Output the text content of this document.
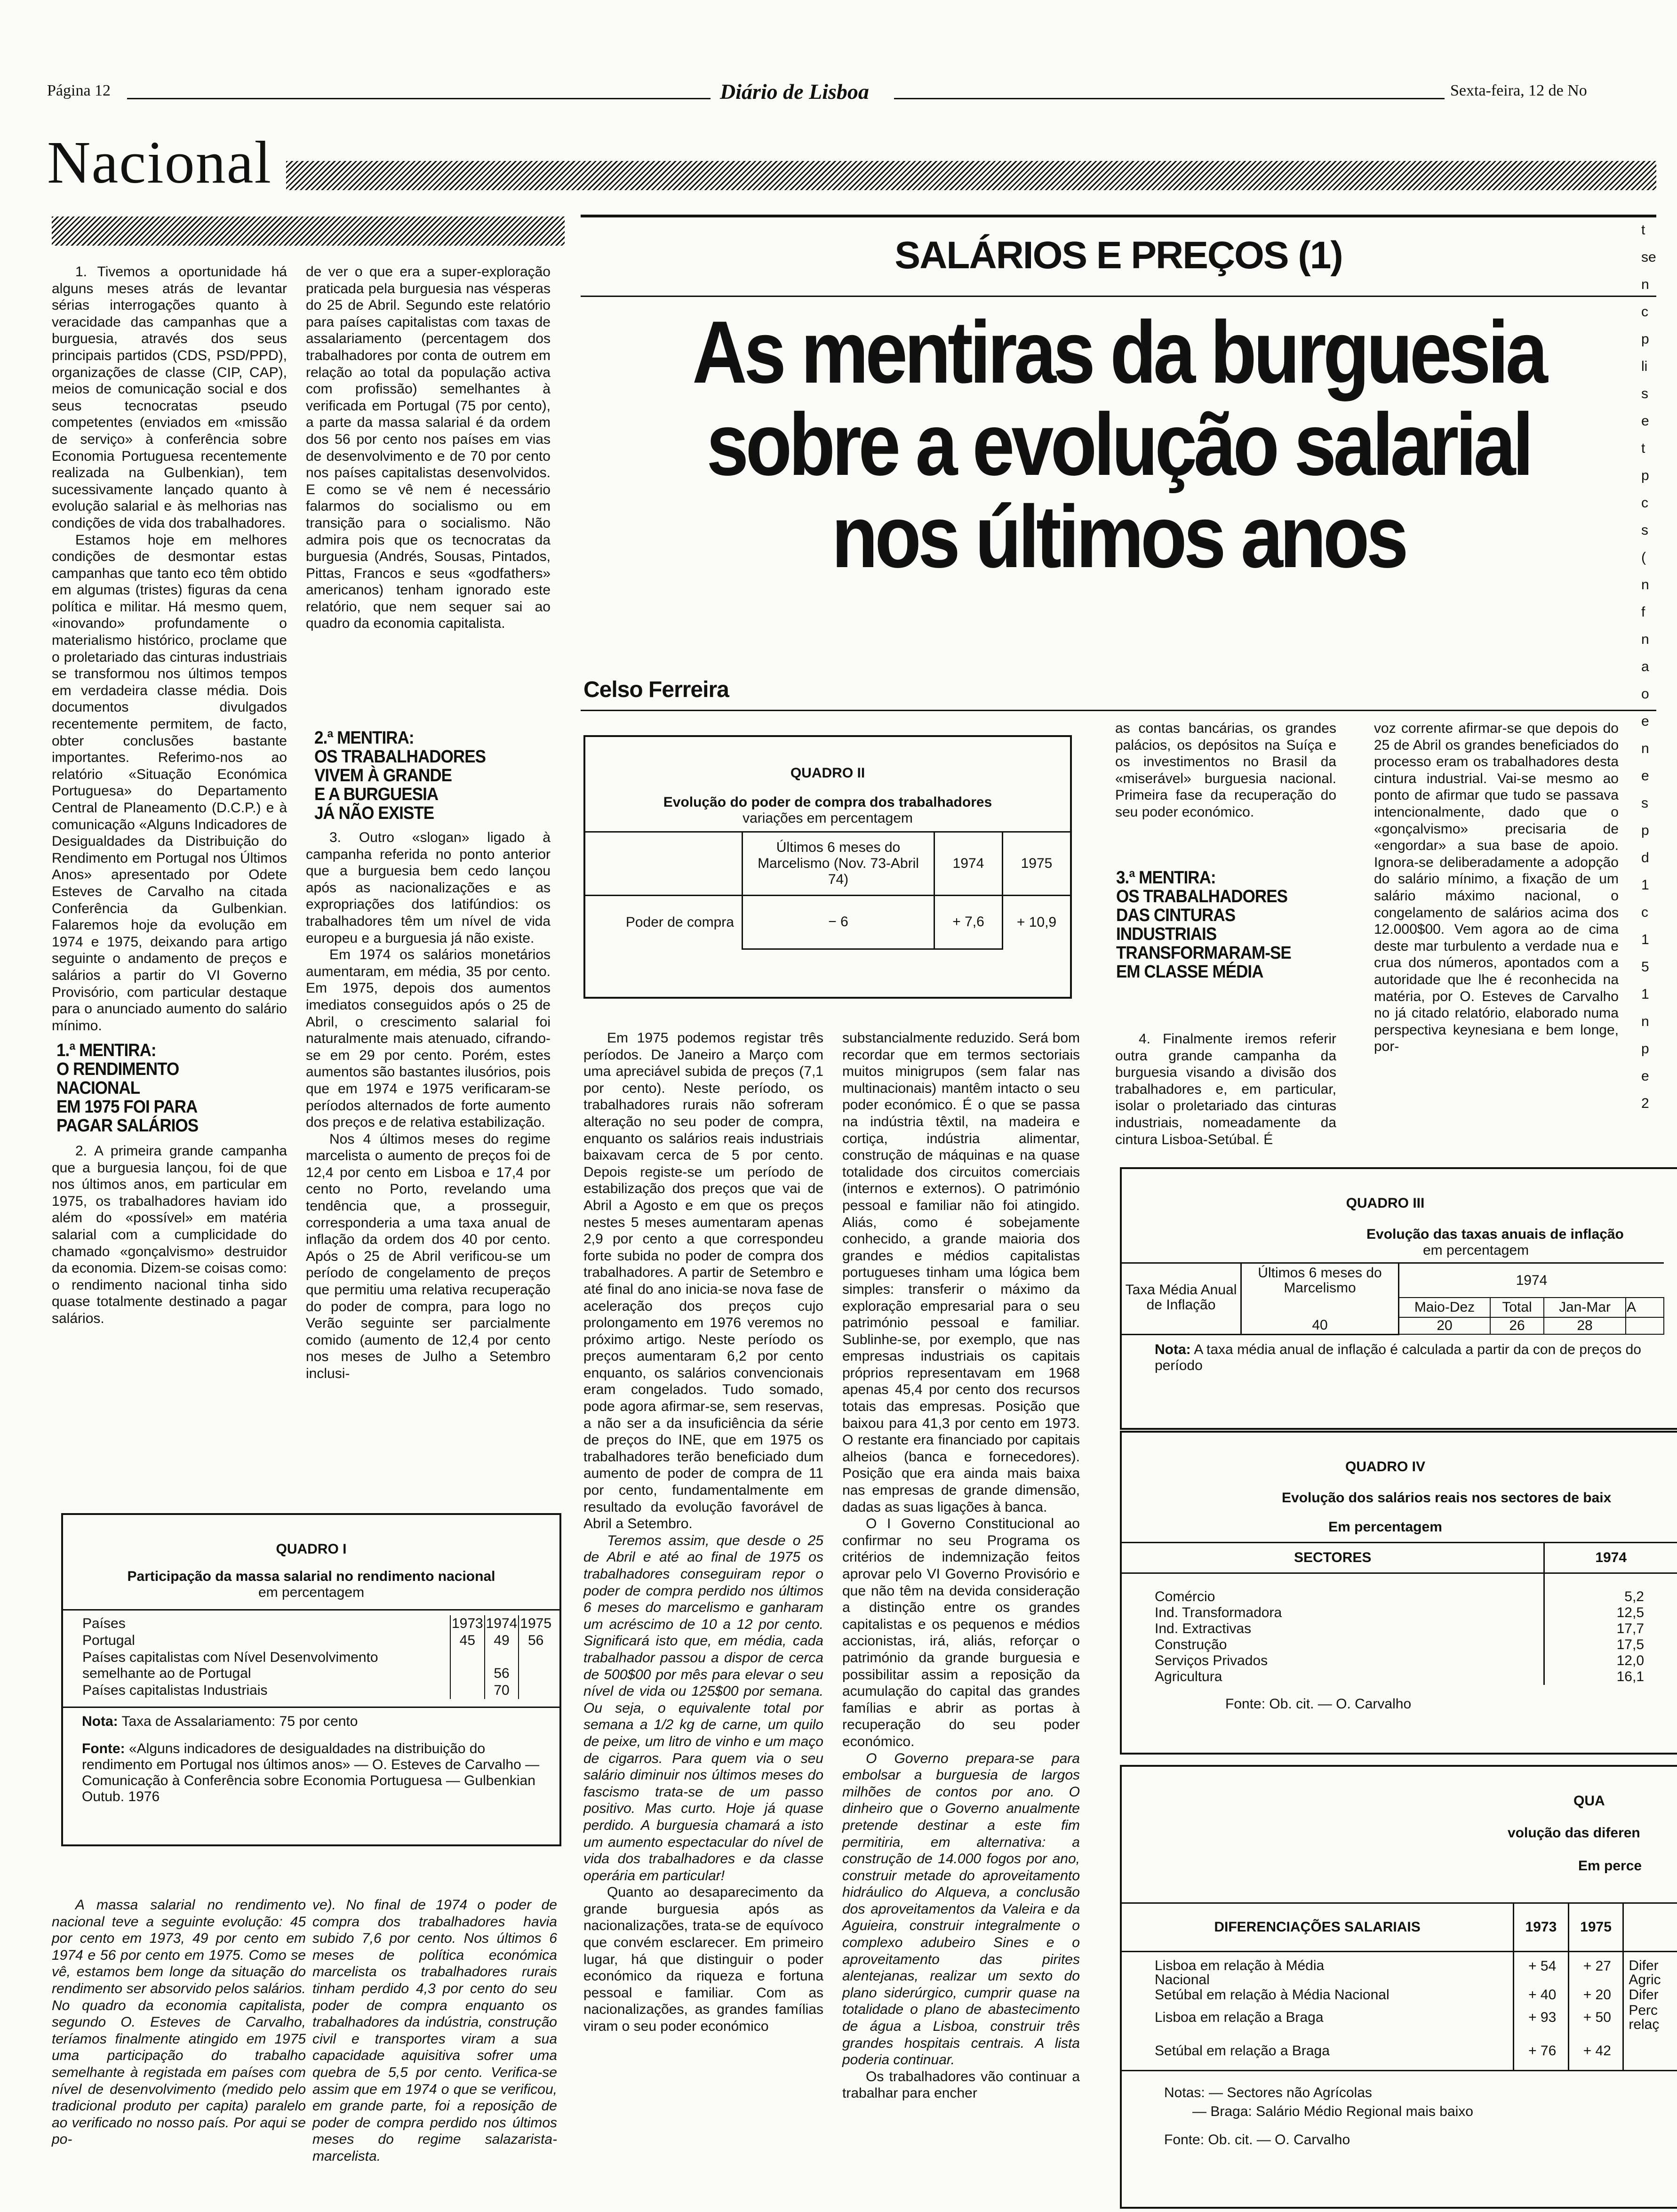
Página 12	Diário de Lisboa	Sexta-feira, 12 de No
Nacional
SALÁRIOS E PREÇOS (1)
As mentiras da burguesia
sobre a evolução salarial
nos últimos anos
Celso Ferreira

1. Tivemos a oportunidade há alguns meses atrás de levantar sérias interrogações quanto à veracidade das campanhas que a burguesia, através dos seus principais partidos (CDS, PSD/PPD), organizações de classe (CIP, CAP), meios de comunicação social e dos seus tecnocratas pseudo competentes (enviados em «missão de serviço» à conferência sobre Economia Portuguesa recentemente realizada na Gulbenkian), tem sucessivamente lançado quanto à evolução salarial e às melhorias nas condições de vida dos trabalhadores.

Estamos hoje em melhores condições de desmontar estas campanhas que tanto eco têm obtido em algumas (tristes) figuras da cena política e militar. Há mesmo quem, «inovando» profundamente o materialismo histórico, proclame que o proletariado das cinturas industriais se transformou nos últimos tempos em verdadeira classe média. Dois documentos divulgados recentemente permitem, de facto, obter conclusões bastante importantes. Referimo-nos ao relatório «Situação Económica Portuguesa» do Departamento Central de Planeamento (D.C.P.) e à comunicação «Alguns Indicadores de Desigualdades da Distribuição do Rendimento em Portugal nos Últimos Anos» apresentado por Odete Esteves de Carvalho na citada Conferência da Gulbenkian. Falaremos hoje da evolução em 1974 e 1975, deixando para artigo seguinte o andamento de preços e salários a partir do VI Governo Provisório, com particular destaque para o anunciado aumento do salário mínimo.

1.ª MENTIRA:
O RENDIMENTO
NACIONAL
EM 1975 FOI PARA
PAGAR SALÁRIOS

2. A primeira grande campanha que a burguesia lançou, foi de que nos últimos anos, em particular em 1975, os trabalhadores haviam ido além do «possível» em matéria salarial com a cumplicidade do chamado «gonçalvismo» destruidor da economia. Dizem-se coisas como: o rendimento nacional tinha sido quase totalmente destinado a pagar salários.

de ver o que era a super-exploração praticada pela burguesia nas vésperas do 25 de Abril. Segundo este relatório para países capitalistas com taxas de assalariamento (percentagem dos trabalhadores por conta de outrem em relação ao total da população activa com profissão) semelhantes à verificada em Portugal (75 por cento), a parte da massa salarial é da ordem dos 56 por cento nos países em vias de desenvolvimento e de 70 por cento nos países capitalistas desenvolvidos. E como se vê nem é necessário falarmos do socialismo ou em transição para o socialismo. Não admira pois que os tecnocratas da burguesia (Andrés, Sousas, Pintados, Pittas, Francos e seus «godfathers» americanos) tenham ignorado este relatório, que nem sequer sai ao quadro da economia capitalista.

2.ª MENTIRA:
OS TRABALHADORES
VIVEM À GRANDE
E A BURGUESIA
JÁ NÃO EXISTE

3. Outro «slogan» ligado à campanha referida no ponto anterior que a burguesia bem cedo lançou após as nacionalizações e as expropriações dos latifúndios: os trabalhadores têm um nível de vida europeu e a burguesia já não existe.

Em 1974 os salários monetários aumentaram, em média, 35 por cento. Em 1975, depois dos aumentos imediatos conseguidos após o 25 de Abril, o crescimento salarial foi naturalmente mais atenuado, cifrando-se em 29 por cento. Porém, estes aumentos são bastantes ilusórios, pois que em 1974 e 1975 verificaram-se períodos alternados de forte aumento dos preços e de relativa estabilização.

Nos 4 últimos meses do regime marcelista o aumento de preços foi de 12,4 por cento em Lisboa e 17,4 por cento no Porto, revelando uma tendência que, a prosseguir, corresponderia a uma taxa anual de inflação da ordem dos 40 por cento. Após o 25 de Abril verificou-se um período de congelamento de preços que permitiu uma relativa recuperação do poder de compra, para logo no Verão seguinte ser parcialmente comido (aumento de 12,4 por cento nos meses de Julho a Setembro inclusi-

QUADRO I
Participação da massa salarial no rendimento nacional
em percentagem
Países	1973	1974	1975
Portugal	45	49	56
Países capitalistas com Nível Desenvolvimento semelhante ao de Portugal		56	
Países capitalistas Industriais		70	
Nota: Taxa de Assalariamento: 75 por cento
Fonte: «Alguns indicadores de desigualdades na distribuição do rendimento em Portugal nos últimos anos» — O. Esteves de Carvalho — Comunicação à Conferência sobre Economia Portuguesa — Gulbenkian Outub. 1976

A massa salarial no rendimento nacional teve a seguinte evolução: 45 por cento em 1973, 49 por cento em 1974 e 56 por cento em 1975. Como se vê, estamos bem longe da situação do rendimento ser absorvido pelos salários. No quadro da economia capitalista, segundo O. Esteves de Carvalho, teríamos finalmente atingido em 1975 uma participação do trabalho semelhante à registada em países com nível de desenvolvimento (medido pelo tradicional produto per capita) paralelo ao verificado no nosso país. Por aqui se po-

ve). No final de 1974 o poder de compra dos trabalhadores havia subido 7,6 por cento. Nos últimos 6 meses de política económica marcelista os trabalhadores rurais tinham perdido 4,3 por cento do seu poder de compra enquanto os trabalhadores da indústria, construção civil e transportes viram a sua capacidade aquisitiva sofrer uma quebra de 5,5 por cento. Verifica-se assim que em 1974 o que se verificou, em grande parte, foi a reposição de poder de compra perdido nos últimos meses do regime salazarista-marcelista.

QUADRO II
Evolução do poder de compra dos trabalhadores
variações em percentagem
	Últimos 6 meses do Marcelismo (Nov. 73-Abril 74)	1974	1975
Poder de compra	− 6	+ 7,6	+ 10,9

Em 1975 podemos registar três períodos. De Janeiro a Março com uma apreciável subida de preços (7,1 por cento). Neste período, os trabalhadores rurais não sofreram alteração no seu poder de compra, enquanto os salários reais industriais baixavam cerca de 5 por cento. Depois registe-se um período de estabilização dos preços que vai de Abril a Agosto e em que os preços nestes 5 meses aumentaram apenas 2,9 por cento a que correspondeu forte subida no poder de compra dos trabalhadores. A partir de Setembro e até final do ano inicia-se nova fase de aceleração dos preços cujo prolongamento em 1976 veremos no próximo artigo. Neste período os preços aumentaram 6,2 por cento enquanto, os salários convencionais eram congelados. Tudo somado, pode agora afirmar-se, sem reservas, a não ser a da insuficiência da série de preços do INE, que em 1975 os trabalhadores terão beneficiado dum aumento de poder de compra de 11 por cento, fundamentalmente em resultado da evolução favorável de Abril a Setembro.

Teremos assim, que desde o 25 de Abril e até ao final de 1975 os trabalhadores conseguiram repor o poder de compra perdido nos últimos 6 meses do marcelismo e ganharam um acréscimo de 10 a 12 por cento. Significará isto que, em média, cada trabalhador passou a dispor de cerca de 500$00 por mês para elevar o seu nível de vida ou 125$00 por semana. Ou seja, o equivalente total por semana a 1/2 kg de carne, um quilo de peixe, um litro de vinho e um maço de cigarros. Para quem via o seu salário diminuir nos últimos meses do fascismo trata-se de um passo positivo. Mas curto. Hoje já quase perdido. A burguesia chamará a isto um aumento espectacular do nível de vida dos trabalhadores e da classe operária em particular!

Quanto ao desaparecimento da grande burguesia após as nacionalizações, trata-se de equívoco que convém esclarecer. Em primeiro lugar, há que distinguir o poder económico da riqueza e fortuna pessoal e familiar. Com as nacionalizações, as grandes famílias viram o seu poder económico

substancialmente reduzido. Será bom recordar que em termos sectoriais muitos minigrupos (sem falar nas multinacionais) mantêm intacto o seu poder económico. É o que se passa na indústria têxtil, na madeira e cortiça, indústria alimentar, construção de máquinas e na quase totalidade dos circuitos comerciais (internos e externos). O património pessoal e familiar não foi atingido. Aliás, como é sobejamente conhecido, a grande maioria dos grandes e médios capitalistas portugueses tinham uma lógica bem simples: transferir o máximo da exploração empresarial para o seu património pessoal e familiar. Sublinhe-se, por exemplo, que nas empresas industriais os capitais próprios representavam em 1968 apenas 45,4 por cento dos recursos totais das empresas. Posição que baixou para 41,3 por cento em 1973. O restante era financiado por capitais alheios (banca e fornecedores). Posição que era ainda mais baixa nas empresas de grande dimensão, dadas as suas ligações à banca.

O I Governo Constitucional ao confirmar no seu Programa os critérios de indemnização feitos aprovar pelo VI Governo Provisório e que não têm na devida consideração a distinção entre os grandes capitalistas e os pequenos e médios accionistas, irá, aliás, reforçar o património da grande burguesia e possibilitar assim a reposição da acumulação do capital das grandes famílias e abrir as portas à recuperação do seu poder económico.

O Governo prepara-se para embolsar a burguesia de largos milhões de contos por ano. O dinheiro que o Governo anualmente pretende destinar a este fim permitiria, em alternativa: a construção de 14.000 fogos por ano, construir metade do aproveitamento hidráulico do Alqueva, a conclusão dos aproveitamentos da Valeira e da Aguieira, construir integralmente o complexo adubeiro Sines e o aproveitamento das pirites alentejanas, realizar um sexto do plano siderúrgico, cumprir quase na totalidade o plano de abastecimento de água a Lisboa, construir três grandes hospitais centrais. A lista poderia continuar.

Os trabalhadores vão continuar a trabalhar para encher

as contas bancárias, os grandes palácios, os depósitos na Suíça e os investimentos no Brasil da «miserável» burguesia nacional. Primeira fase da recuperação do seu poder económico.

3.ª MENTIRA:
OS TRABALHADORES
DAS CINTURAS
INDUSTRIAIS
TRANSFORMARAM-SE
EM CLASSE MÉDIA

4. Finalmente iremos referir outra grande campanha da burguesia visando a divisão dos trabalhadores e, em particular, isolar o proletariado das cinturas industriais, nomeadamente da cintura Lisboa-Setúbal. É

voz corrente afirmar-se que depois do 25 de Abril os grandes beneficiados do processo eram os trabalhadores desta cintura industrial. Vai-se mesmo ao ponto de afirmar que tudo se passava intencionalmente, dado que o «gonçalvismo» precisaria de «engordar» a sua base de apoio. Ignora-se deliberadamente a adopção do salário mínimo, a fixação de um salário máximo nacional, o congelamento de salários acima dos 12.000$00. Vem agora ao de cima deste mar turbulento a verdade nua e crua dos números, apontados com a autoridade que lhe é reconhecida na matéria, por O. Esteves de Carvalho no já citado relatório, elaborado numa perspectiva keynesiana e bem longe, por-

QUADRO III
Evolução das taxas anuais de inflação
em percentagem
Taxa Média Anual de Inflação	Últimos 6 meses do Marcelismo	1974			
		Maio-Dez	Total	Jan-Mar	A
	40	20	26	28	
Nota: A taxa média anual de inflação é calculada a partir da con de preços do período
QUADRO IV
Evolução dos salários reais nos sectores de baix
Em percentagem
SECTORES	1974

Comércio	5,2
Ind. Transformadora	12,5
Ind. Extractivas	17,7
Construção	17,5
Serviços Privados	12,0
Agricultura	16,1
Fonte: Ob. cit. — O. Carvalho
QUA
volução das diferen
Em perce
DIFERENCIAÇÕES SALARIAIS	1973	1975	
Lisboa em relação à Média Nacional	+ 54	+ 27	Difer Agric
Setúbal em relação à Média Nacional	+ 40	+ 20	Difer
Lisboa em relação a Braga	+ 93	+ 50	Perc relaç
Setúbal em relação a Braga	+ 76	+ 42	
Notas: — Sectores não Agrícolas
— Braga: Salário Médio Regional mais baixo
Fonte: Ob. cit. — O. Carvalho
t
se
n
c
p
li
s
e
t
p
c
s
(
n
f
n
a
o
e
n
e
s
p
d
1
c
1
5
1
n
p
e
2
